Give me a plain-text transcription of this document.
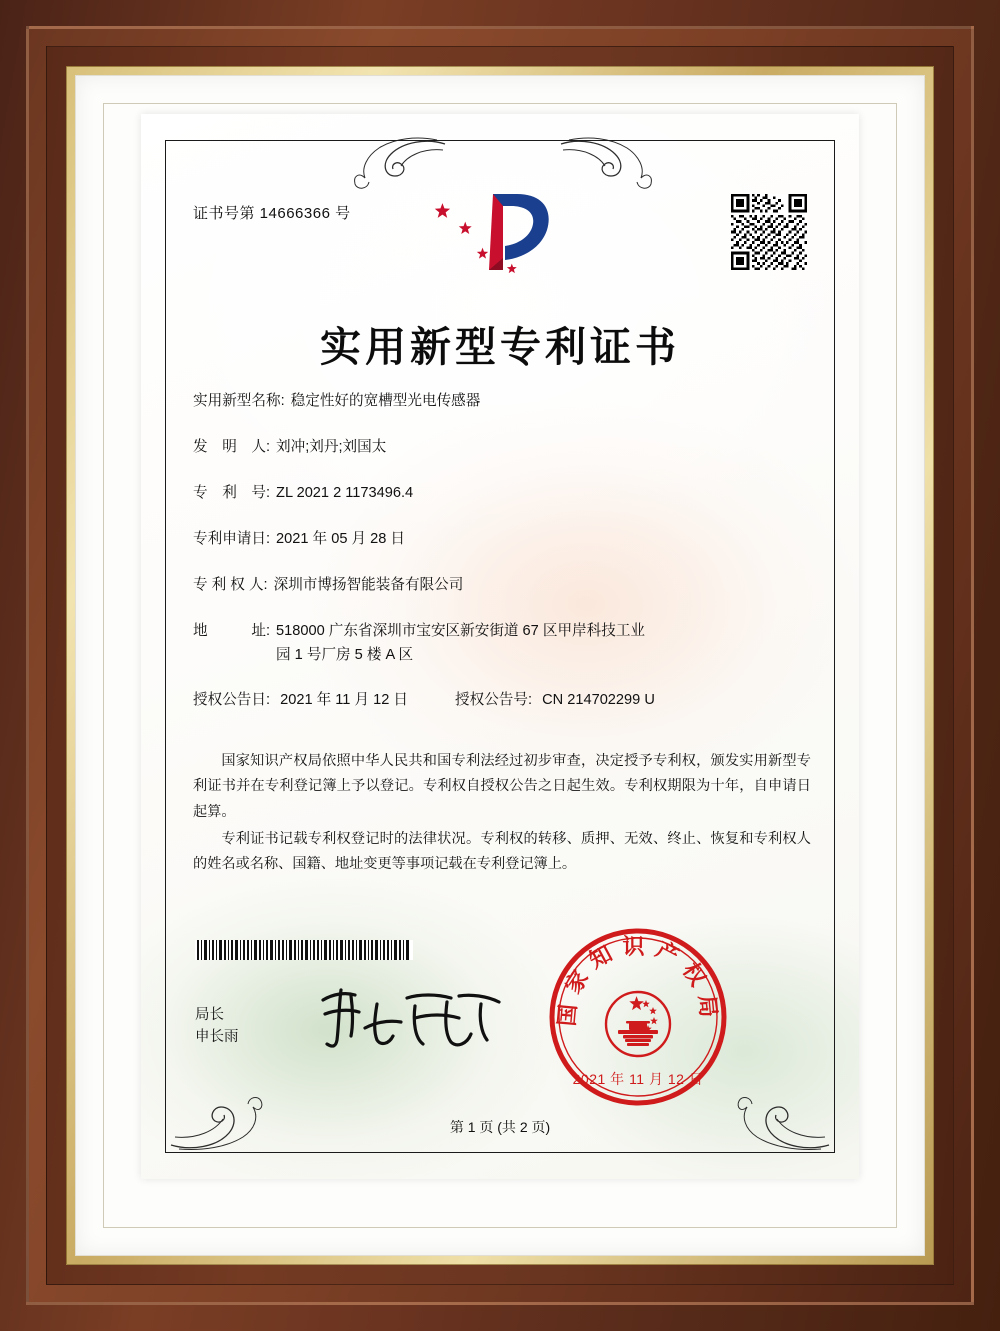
证书号第 14666366 号
实用新型专利证书
实用新型名称: 稳定性好的宽槽型光电传感器
发　明　人: 刘冲;刘丹;刘国太
专　利　号: ZL 2021 2 1173496.4
专利申请日: 2021 年 05 月 28 日
专 利 权 人: 深圳市博扬智能装备有限公司
地　　　址: 518000 广东省深圳市宝安区新安街道 67 区甲岸科技工业
园 1 号厂房 5 楼 A 区
授权公告日: 2021 年 11 月 12 日	授权公告号: CN 214702299 U

国家知识产权局依照中华人民共和国专利法经过初步审查，决定授予专利权，颁发实用新型专利证书并在专利登记簿上予以登记。专利权自授权公告之日起生效。专利权期限为十年，自申请日起算。

专利证书记载专利权登记时的法律状况。专利权的转移、质押、无效、终止、恢复和专利权人的姓名或名称、国籍、地址变更等事项记载在专利登记簿上。

局长
申长雨
国家知识产权局
2021 年 11 月 12 日
第 1 页 (共 2 页)
